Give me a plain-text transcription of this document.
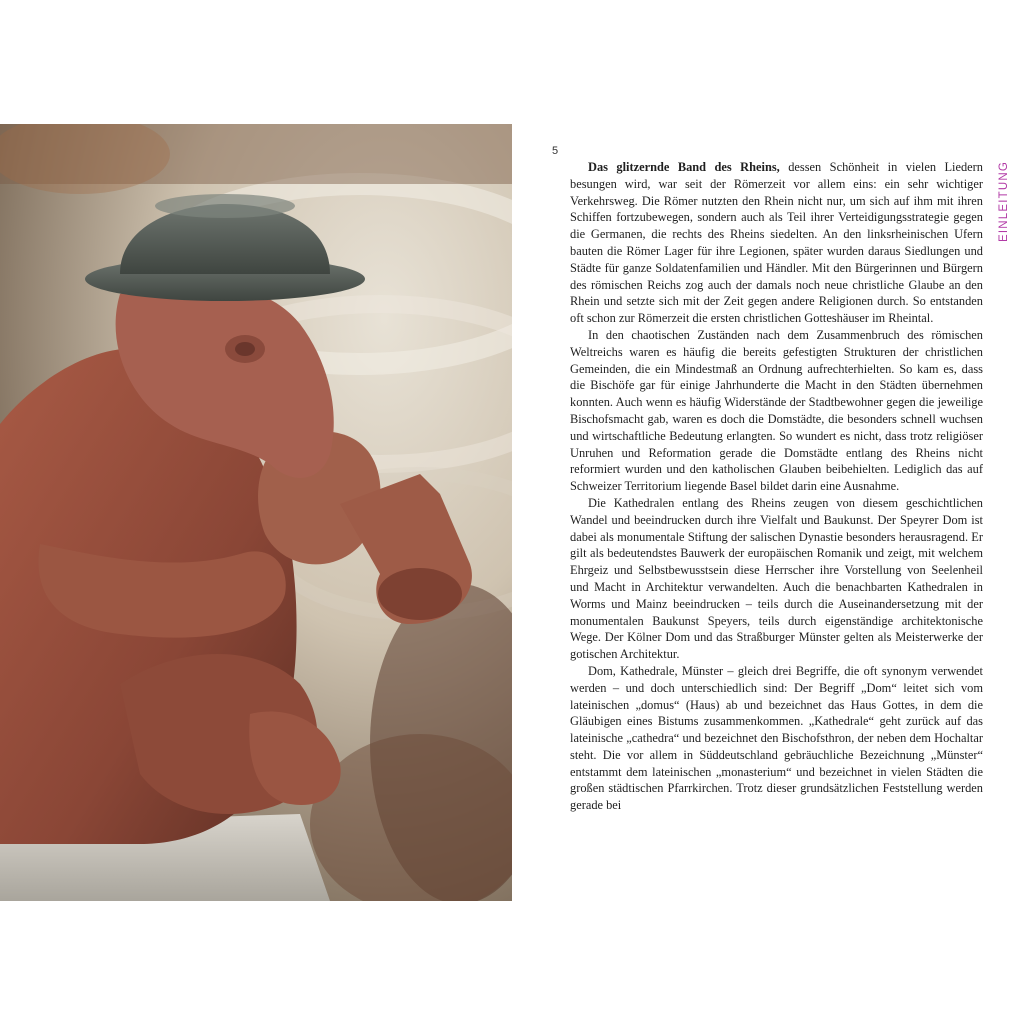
5
EINLEITUNG

Das glitzernde Band des Rheins, dessen Schönheit in vielen Liedern besungen wird, war seit der Römerzeit vor allem eins: ein sehr wichtiger Verkehrsweg. Die Römer nutzten den Rhein nicht nur, um sich auf ihm mit ihren Schiffen fortzubewegen, sondern auch als Teil ihrer Verteidigungsstrategie gegen die Germanen, die rechts des Rheins siedelten. An den linksrheinischen Ufern bauten die Römer Lager für ihre Legionen, später wurden daraus Siedlungen und Städte für ganze Soldatenfamilien und Händler. Mit den Bürgerinnen und Bürgern des römischen Reichs zog auch der damals noch neue christliche Glaube an den Rhein und setzte sich mit der Zeit gegen andere Religionen durch. So entstanden oft schon zur Römerzeit die ersten christlichen Gotteshäuser im Rheintal.

In den chaotischen Zuständen nach dem Zusammenbruch des römischen Weltreichs waren es häufig die bereits gefestigten Strukturen der christlichen Gemeinden, die ein Mindestmaß an Ordnung aufrechterhielten. So kam es, dass die Bischöfe gar für einige Jahrhunderte die Macht in den Städten übernehmen konnten. Auch wenn es häufig Widerstände der Stadtbewohner gegen die jeweilige Bischofsmacht gab, waren es doch die Domstädte, die besonders schnell wuchsen und wirtschaftliche Bedeutung erlangten. So wundert es nicht, dass trotz religiöser Unruhen und Reformation gerade die Domstädte entlang des Rheins nicht reformiert wurden und den katholischen Glauben beibehielten. Lediglich das auf Schweizer Territorium liegende Basel bildet darin eine Ausnahme.

Die Kathedralen entlang des Rheins zeugen von diesem geschichtlichen Wandel und beeindrucken durch ihre Vielfalt und Baukunst. Der Speyrer Dom ist dabei als monumentale Stiftung der salischen Dynastie besonders herausragend. Er gilt als bedeutendstes Bauwerk der europäischen Romanik und zeigt, mit welchem Ehrgeiz und Selbstbewusstsein diese Herrscher ihre Vorstellung von Seelenheil und Macht in Architektur verwandelten. Auch die benachbarten Kathedralen in Worms und Mainz beeindrucken – teils durch die Auseinandersetzung mit der monumentalen Baukunst Speyers, teils durch eigenständige architektonische Wege. Der Kölner Dom und das Straßburger Münster gelten als Meisterwerke der gotischen Architektur.

Dom, Kathedrale, Münster – gleich drei Begriffe, die oft synonym verwendet werden – und doch unterschiedlich sind: Der Begriff „Dom“ leitet sich vom lateinischen „domus“ (Haus) ab und bezeichnet das Haus Gottes, in dem die Gläubigen eines Bistums zusammenkommen. „Kathedrale“ geht zurück auf das lateinische „cathedra“ und bezeichnet den Bischofsthron, der neben dem Hochaltar steht. Die vor allem in Süddeutschland gebräuchliche Bezeichnung „Münster“ entstammt dem lateinischen „monasterium“ und bezeichnet in vielen Städten die großen städtischen Pfarrkirchen. Trotz dieser grundsätzlichen Feststellung werden gerade bei
